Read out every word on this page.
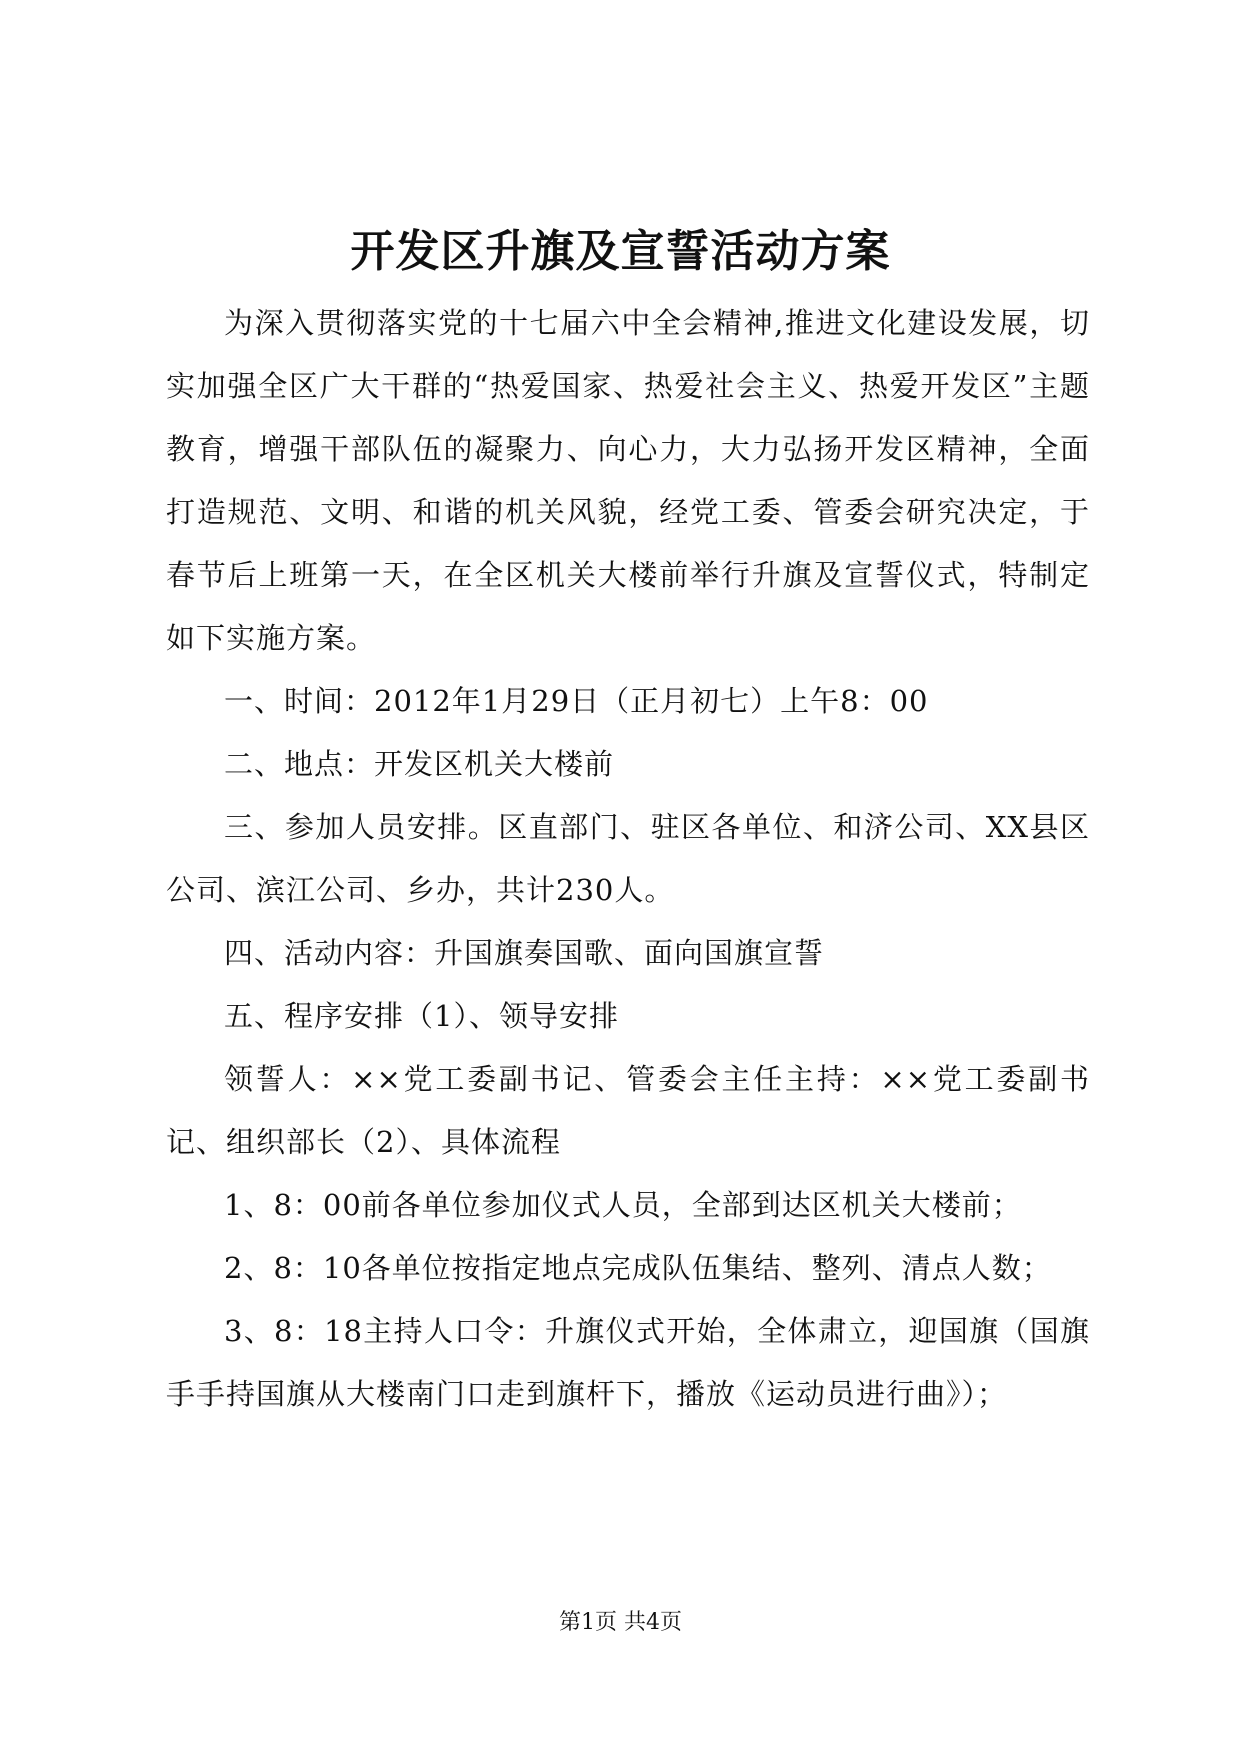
开发区升旗及宣誓活动方案

为深入贯彻落实党的十七届六中全会精神,推进文化建设发展，切实加强全区广大干群的“热爱国家、热爱社会主义、热爱开发区”主题教育，增强干部队伍的凝聚力、向心力，大力弘扬开发区精神，全面打造规范、文明、和谐的机关风貌，经党工委、管委会研究决定，于春节后上班第一天，在全区机关大楼前举行升旗及宣誓仪式，特制定如下实施方案。

一、时间：2012年1月29日（正月初七）上午8：00

二、地点：开发区机关大楼前

三、参加人员安排。区直部门、驻区各单位、和济公司、XX县区公司、滨江公司、乡办，共计230人。

四、活动内容：升国旗奏国歌、面向国旗宣誓

五、程序安排（1）、领导安排

领誓人：××党工委副书记、管委会主任主持：××党工委副书记、组织部长（2）、具体流程

1、8：00前各单位参加仪式人员，全部到达区机关大楼前；

2、8：10各单位按指定地点完成队伍集结、整列、清点人数；

3、8：18主持人口令：升旗仪式开始，全体肃立，迎国旗（国旗手手持国旗从大楼南门口走到旗杆下，播放《运动员进行曲》）；

第1页 共4页
